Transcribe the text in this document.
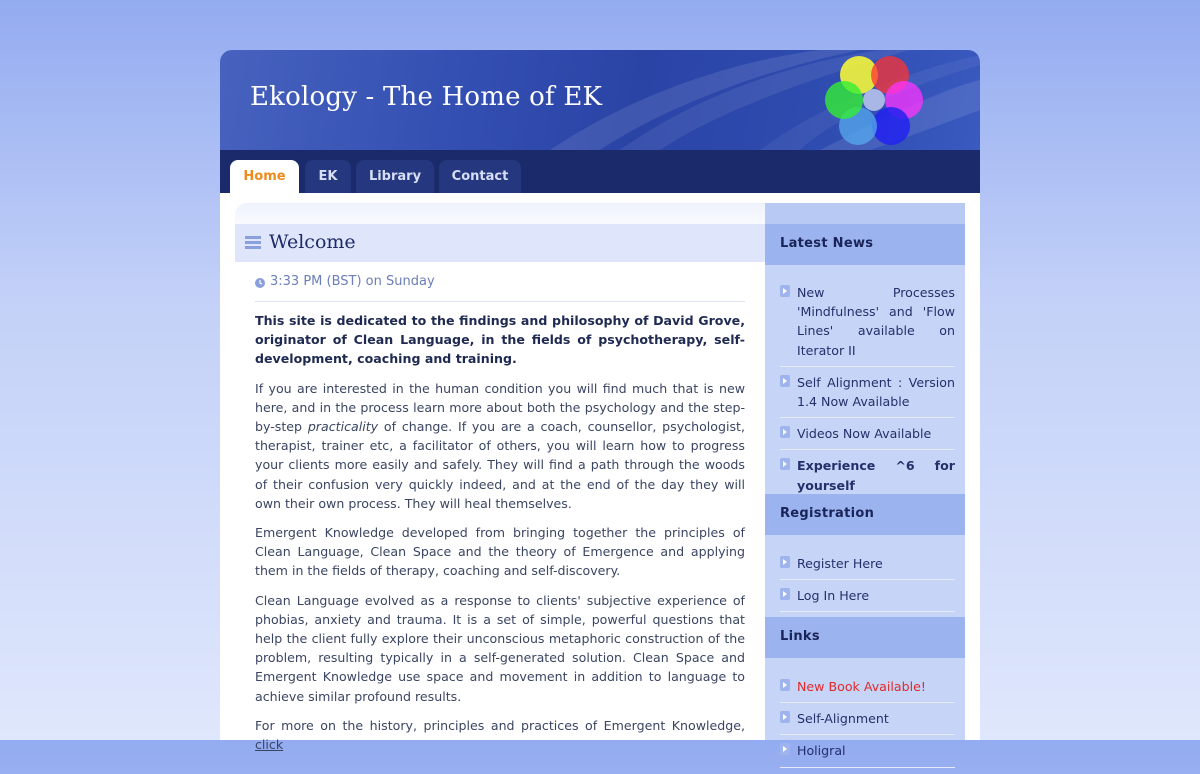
Ekology - The Home of EK
Home	EK	Library	Contact
Welcome
3:33 PM (BST) on Sunday

This site is dedicated to the findings and philosophy of David Grove, originator of Clean Language, in the fields of psychotherapy, self-development, coaching and training.

If you are interested in the human condition you will find much that is new here, and in the process learn more about both the psychology and the step-by-step practicality of change. If you are a coach, counsellor, psychologist, therapist, trainer etc, a facilitator of others, you will learn how to progress your clients more easily and safely. They will find a path through the woods of their confusion very quickly indeed, and at the end of the day they will own their own process. They will heal themselves.

Emergent Knowledge developed from bringing together the principles of Clean Language, Clean Space and the theory of Emergence and applying them in the fields of therapy, coaching and self-discovery.

Clean Language evolved as a response to clients' subjective experience of phobias, anxiety and trauma. It is a set of simple, powerful questions that help the client fully explore their unconscious metaphoric construction of the problem, resulting typically in a self-generated solution. Clean Space and Emergent Knowledge use space and movement in addition to language to achieve similar profound results.

For more on the history, principles and practices of Emergent Knowledge, click

Latest News
New Processes 'Mindfulness' and 'Flow Lines' available on Iterator II
Self Alignment : Version 1.4 Now Available
Videos Now Available
Experience ^6 for yourself
Registration
Register Here
Log In Here
Links
New Book Available!
Self-Alignment
Holigral
